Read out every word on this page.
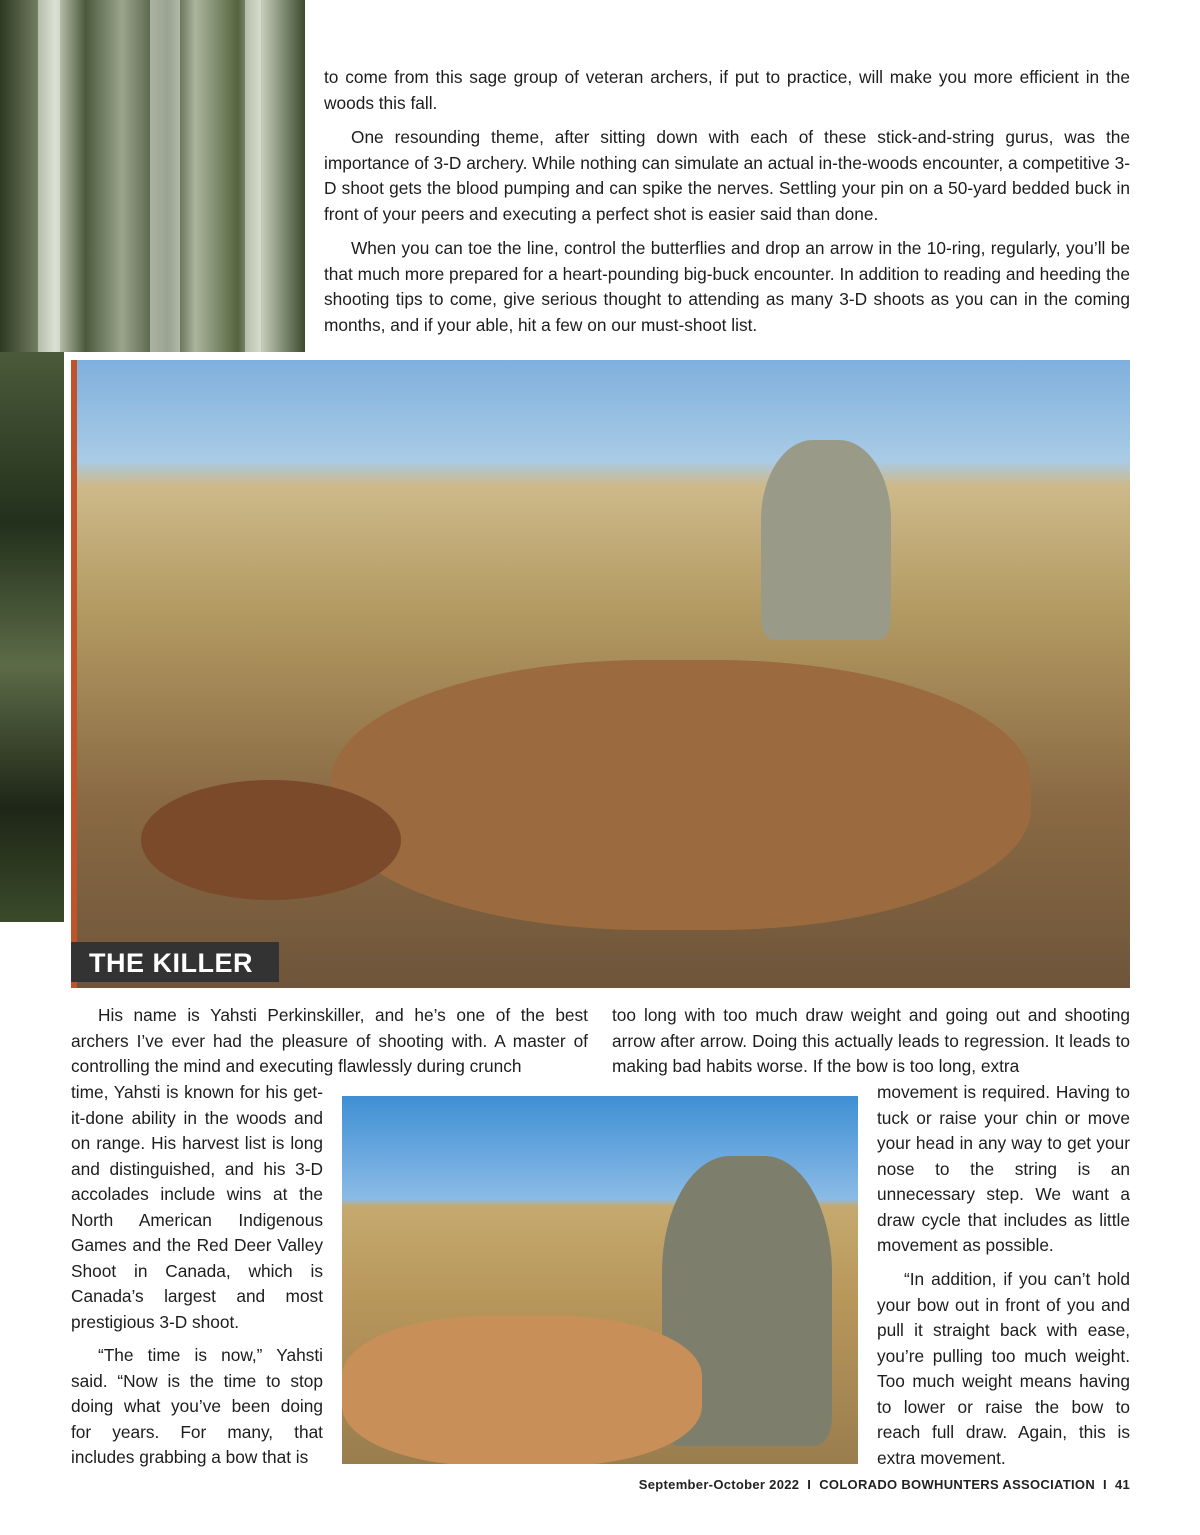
to come from this sage group of veteran archers, if put to practice, will make you more efficient in the woods this fall.

One resounding theme, after sitting down with each of these stick-and-string gurus, was the importance of 3-D archery. While nothing can simulate an actual in-the-woods encounter, a competitive 3-D shoot gets the blood pumping and can spike the nerves. Settling your pin on a 50-yard bedded buck in front of your peers and executing a perfect shot is easier said than done.

When you can toe the line, control the butterflies and drop an arrow in the 10-ring, regularly, you’ll be that much more prepared for a heart-pounding big-buck encounter. In addition to reading and heeding the shooting tips to come, give serious thought to attending as many 3-D shoots as you can in the coming months, and if your able, hit a few on our must-shoot list.

THE KILLER

His name is Yahsti Perkinskiller, and he’s one of the best archers I’ve ever had the pleasure of shooting with. A master of controlling the mind and executing flawlessly during crunch

time, Yahsti is known for his get-it-done ability in the woods and on range. His harvest list is long and distinguished, and his 3-D accolades include wins at the North American Indigenous Games and the Red Deer Valley Shoot in Canada, which is Canada’s largest and most prestigious 3-D shoot.

“The time is now,” Yahsti said. “Now is the time to stop doing what you’ve been doing for years. For many, that includes grabbing a bow that is

too long with too much draw weight and going out and shooting arrow after arrow. Doing this actually leads to regression. It leads to making bad habits worse. If the bow is too long, extra

movement is required. Having to tuck or raise your chin or move your head in any way to get your nose to the string is an unnecessary step. We want a draw cycle that includes as little movement as possible.

“In addition, if you can’t hold your bow out in front of you and pull it straight back with ease, you’re pulling too much weight. Too much weight means having to lower or raise the bow to reach full draw. Again, this is extra movement.

September-October 2022 I COLORADO BOWHUNTERS ASSOCIATION I 41
